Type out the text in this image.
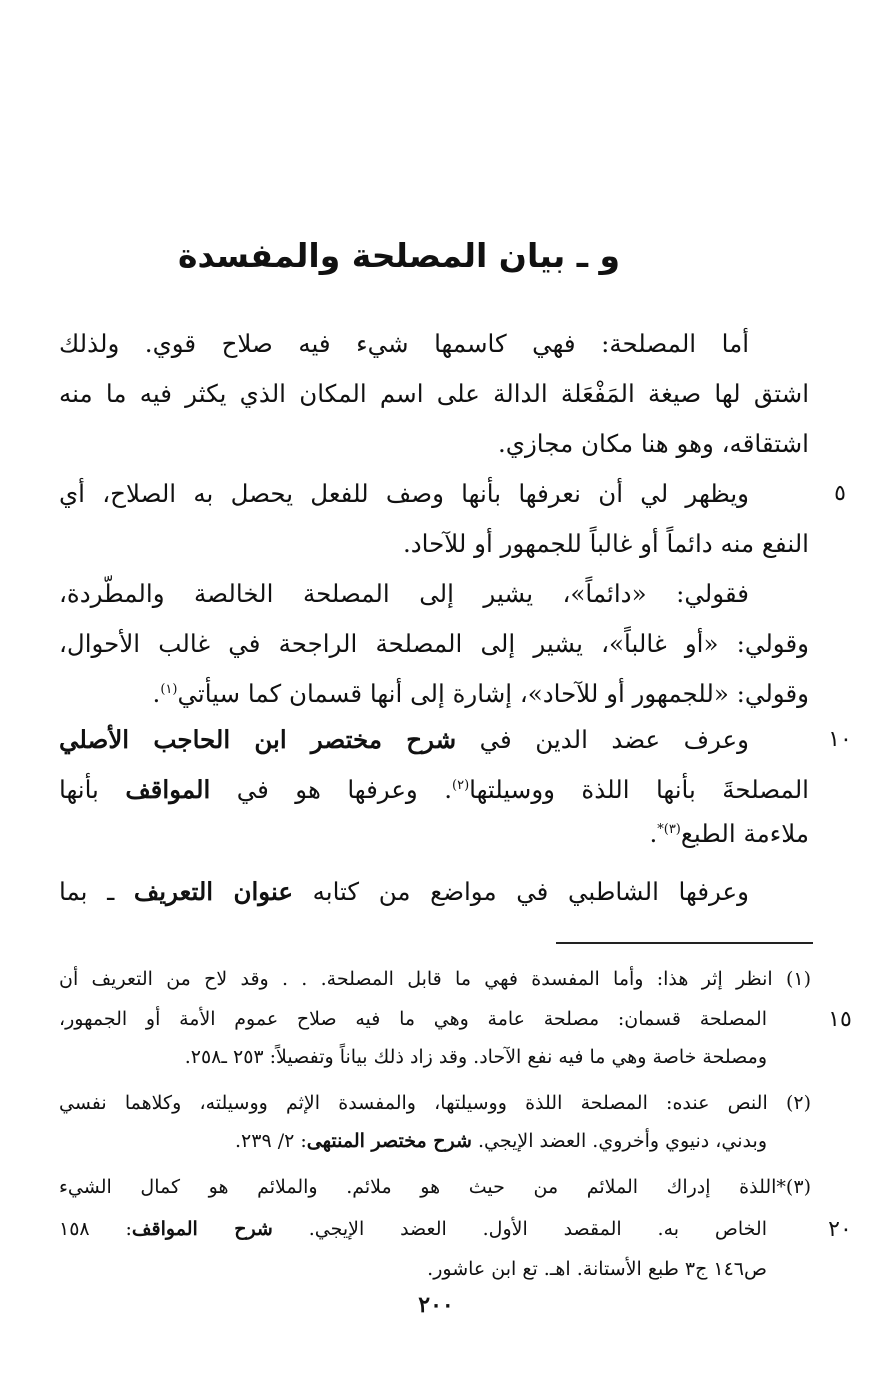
و ـ بيان المصلحة والمفسدة
أما المصلحة: فهي كاسمها شيء فيه صلاح قوي. ولذلك
اشتق لها صيغة المَفْعَلة الدالة على اسم المكان الذي يكثر فيه ما منه
اشتقاقه، وهو هنا مكان مجازي.
ويظهر لي أن نعرفها بأنها وصف للفعل يحصل به الصلاح، أي
النفع منه دائماً أو غالباً للجمهور أو للآحاد.
فقولي: «دائماً»، يشير إلى المصلحة الخالصة والمطّردة،
وقولي: «أو غالباً»، يشير إلى المصلحة الراجحة في غالب الأحوال،
وقولي: «للجمهور أو للآحاد»، إشارة إلى أنها قسمان كما سيأتي$^{(١)}$.
وعرف عضد الدين في شرح مختصر ابن الحاجب الأصلي
المصلحةَ بأنها اللذة ووسيلتها$^{(٢)}$. وعرفها هو في المواقف بأنها
ملاءمة الطبع$^{(٣)*}$.
وعرفها الشاطبي في مواضع من كتابه عنوان التعريف ـ بما
(١) انظر إثر هذا: وأما المفسدة فهي ما قابل المصلحة. . . وقد لاح من التعريف أن
المصلحة قسمان: مصلحة عامة وهي ما فيه صلاح عموم الأمة أو الجمهور،
ومصلحة خاصة وهي ما فيه نفع الآحاد. وقد زاد ذلك بياناً وتفصيلاً: ٢٥٣ ـ٢٥٨.
(٢) النص عنده: المصلحة اللذة ووسيلتها، والمفسدة الإثم ووسيلته، وكلاهما نفسي
وبدني، دنيوي وأخروي. العضد الإيجي. شرح مختصر المنتهى: ٢/ ٢٣٩.
(٣)*اللذة إدراك الملائم من حيث هو ملائم. والملائم هو كمال الشيء
الخاص به. المقصد الأول. العضد الإيجي. شرح المواقف: ١٥٨
ص١٤٦ ج٣ طبع الأستانة. اهـ. تع ابن عاشور.
٥
١٠
١٥
٢٠
٢٠٠
